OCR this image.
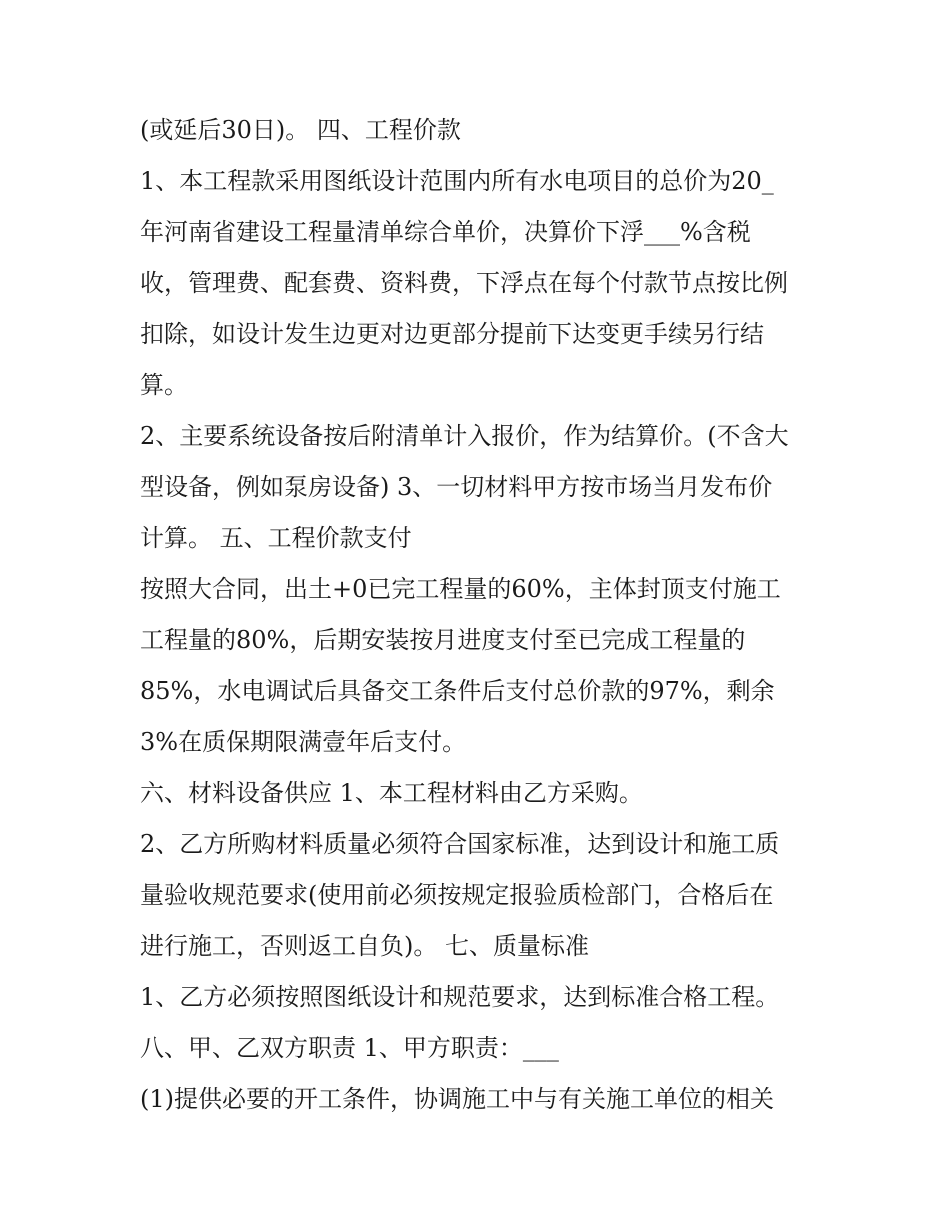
(或延后30日)。 四、工程价款
1、本工程款采用图纸设计范围内所有水电项目的总价为20_
年河南省建设工程量清单综合单价，决算价下浮___%含税
收，管理费、配套费、资料费，下浮点在每个付款节点按比例
扣除，如设计发生边更对边更部分提前下达变更手续另行结
算。
2、主要系统设备按后附清单计入报价，作为结算价。(不含大
型设备，例如泵房设备) 3、一切材料甲方按市场当月发布价
计算。 五、工程价款支付
按照大合同，出土+0已完工程量的60%，主体封顶支付施工
工程量的80%，后期安装按月进度支付至已完成工程量的
85%，水电调试后具备交工条件后支付总价款的97%，剩余
3%在质保期限满壹年后支付。
六、材料设备供应 1、本工程材料由乙方采购。
2、乙方所购材料质量必须符合国家标准，达到设计和施工质
量验收规范要求(使用前必须按规定报验质检部门，合格后在
进行施工，否则返工自负)。 七、质量标准
1、乙方必须按照图纸设计和规范要求，达到标准合格工程。
八、甲、乙双方职责 1、甲方职责：___
(1)提供必要的开工条件，协调施工中与有关施工单位的相关
